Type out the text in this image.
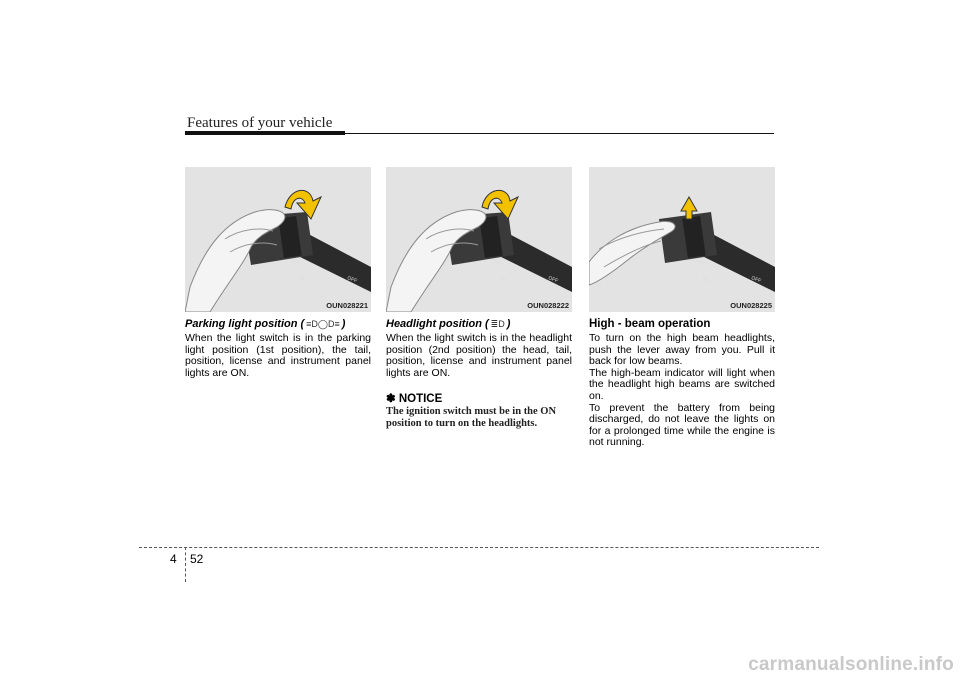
Features of your vehicle
ON
OFF
OFF
OUN028221
Parking light position ( ≡D◯D≡ )

When the light switch is in the parking light position (1st position), the tail, position, license and instrument panel lights are ON.

ON
OFF
OFF
OUN028222
Headlight position ( ≣D )

When the light switch is in the headlight position (2nd position) the head, tail, position, license and instrument panel lights are ON.

✽ NOTICE

The ignition switch must be in the ON position to turn on the headlights.

ON
OFF
OFF
OUN028225
High - beam operation

To turn on the high beam headlights, push the lever away from you. Pull it back for low beams.

The high-beam indicator will light when the headlight high beams are switched on.

To prevent the battery from being discharged, do not leave the lights on for a prolonged time while the engine is not running.

4 52
carmanualsonline.info
